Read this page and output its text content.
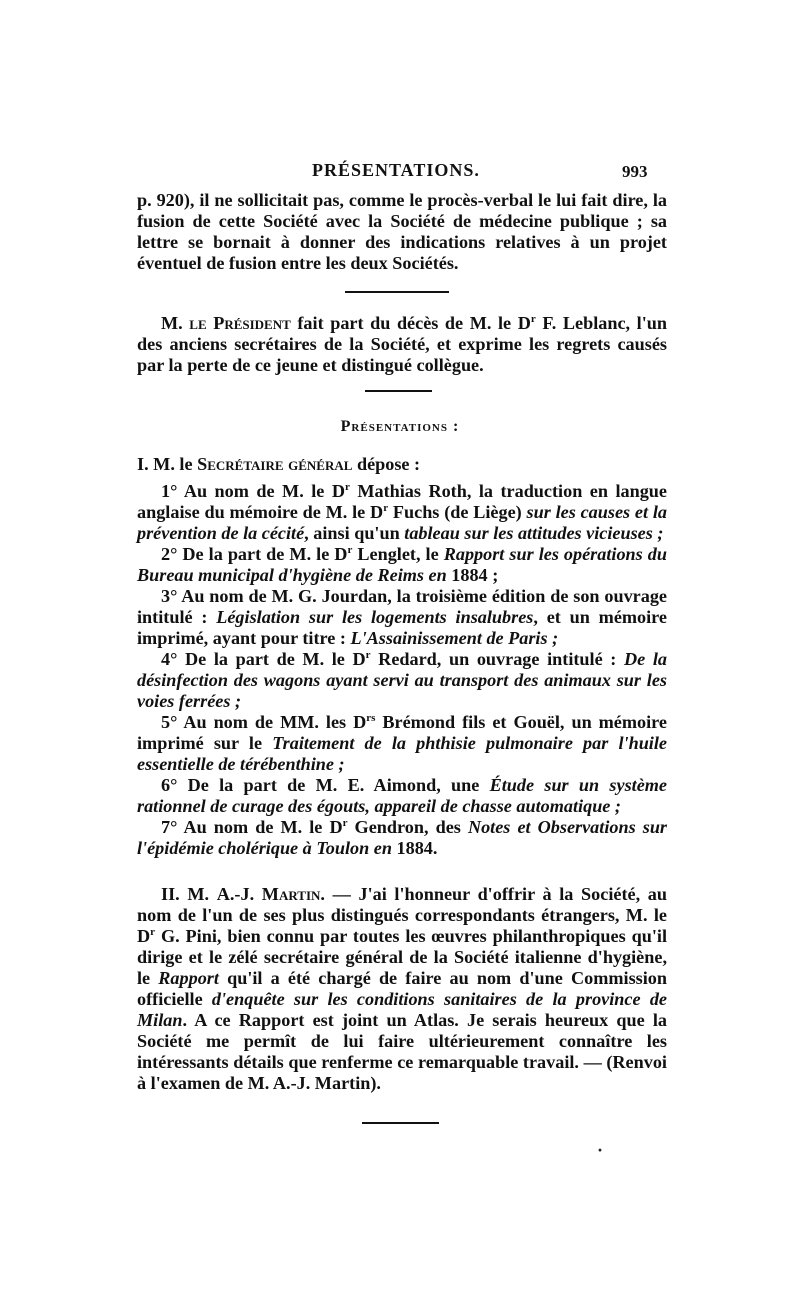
PRÉSENTATIONS.	993

p. 920), il ne sollicitait pas, comme le procès-verbal le lui fait dire, la fusion de cette Société avec la Société de médecine publique ; sa lettre se bornait à donner des indications relatives à un projet éventuel de fusion entre les deux Sociétés.

M. le Président fait part du décès de M. le $D^r$ F. Leblanc, l'un des anciens secrétaires de la Société, et exprime les regrets causés par la perte de ce jeune et distingué collègue.

Présentations :

I. M. le Secrétaire général dépose :

1° Au nom de M. le $D^r$ Mathias Roth, la traduction en langue anglaise du mémoire de M. le $D^r$ Fuchs (de Liège) sur les causes et la prévention de la cécité, ainsi qu'un tableau sur les attitudes vicieuses ;

2° De la part de M. le $D^r$ Lenglet, le Rapport sur les opérations du Bureau municipal d'hygiène de Reims en 1884 ;

3° Au nom de M. G. Jourdan, la troisième édition de son ouvrage intitulé : Législation sur les logements insalubres, et un mémoire imprimé, ayant pour titre : L'Assainissement de Paris ;

4° De la part de M. le $D^r$ Redard, un ouvrage intitulé : De la désinfection des wagons ayant servi au transport des animaux sur les voies ferrées ;

5° Au nom de MM. les $D^{rs}$ Brémond fils et Gouël, un mémoire imprimé sur le Traitement de la phthisie pulmonaire par l'huile essentielle de térébenthine ;

6° De la part de M. E. Aimond, une Étude sur un système rationnel de curage des égouts, appareil de chasse automatique ;

7° Au nom de M. le $D^r$ Gendron, des Notes et Observations sur l'épidémie cholérique à Toulon en 1884.

II. M. A.-J. Martin. — J'ai l'honneur d'offrir à la Société, au nom de l'un de ses plus distingués correspondants étrangers, M. le $D^r$ G. Pini, bien connu par toutes les œuvres philanthropiques qu'il dirige et le zélé secrétaire général de la Société italienne d'hygiène, le Rapport qu'il a été chargé de faire au nom d'une Commission officielle d'enquête sur les conditions sanitaires de la province de Milan. A ce Rapport est joint un Atlas. Je serais heureux que la Société me permît de lui faire ultérieurement connaître les intéressants détails que renferme ce remarquable travail. — (Renvoi à l'examen de M. A.-J. Martin).

·
